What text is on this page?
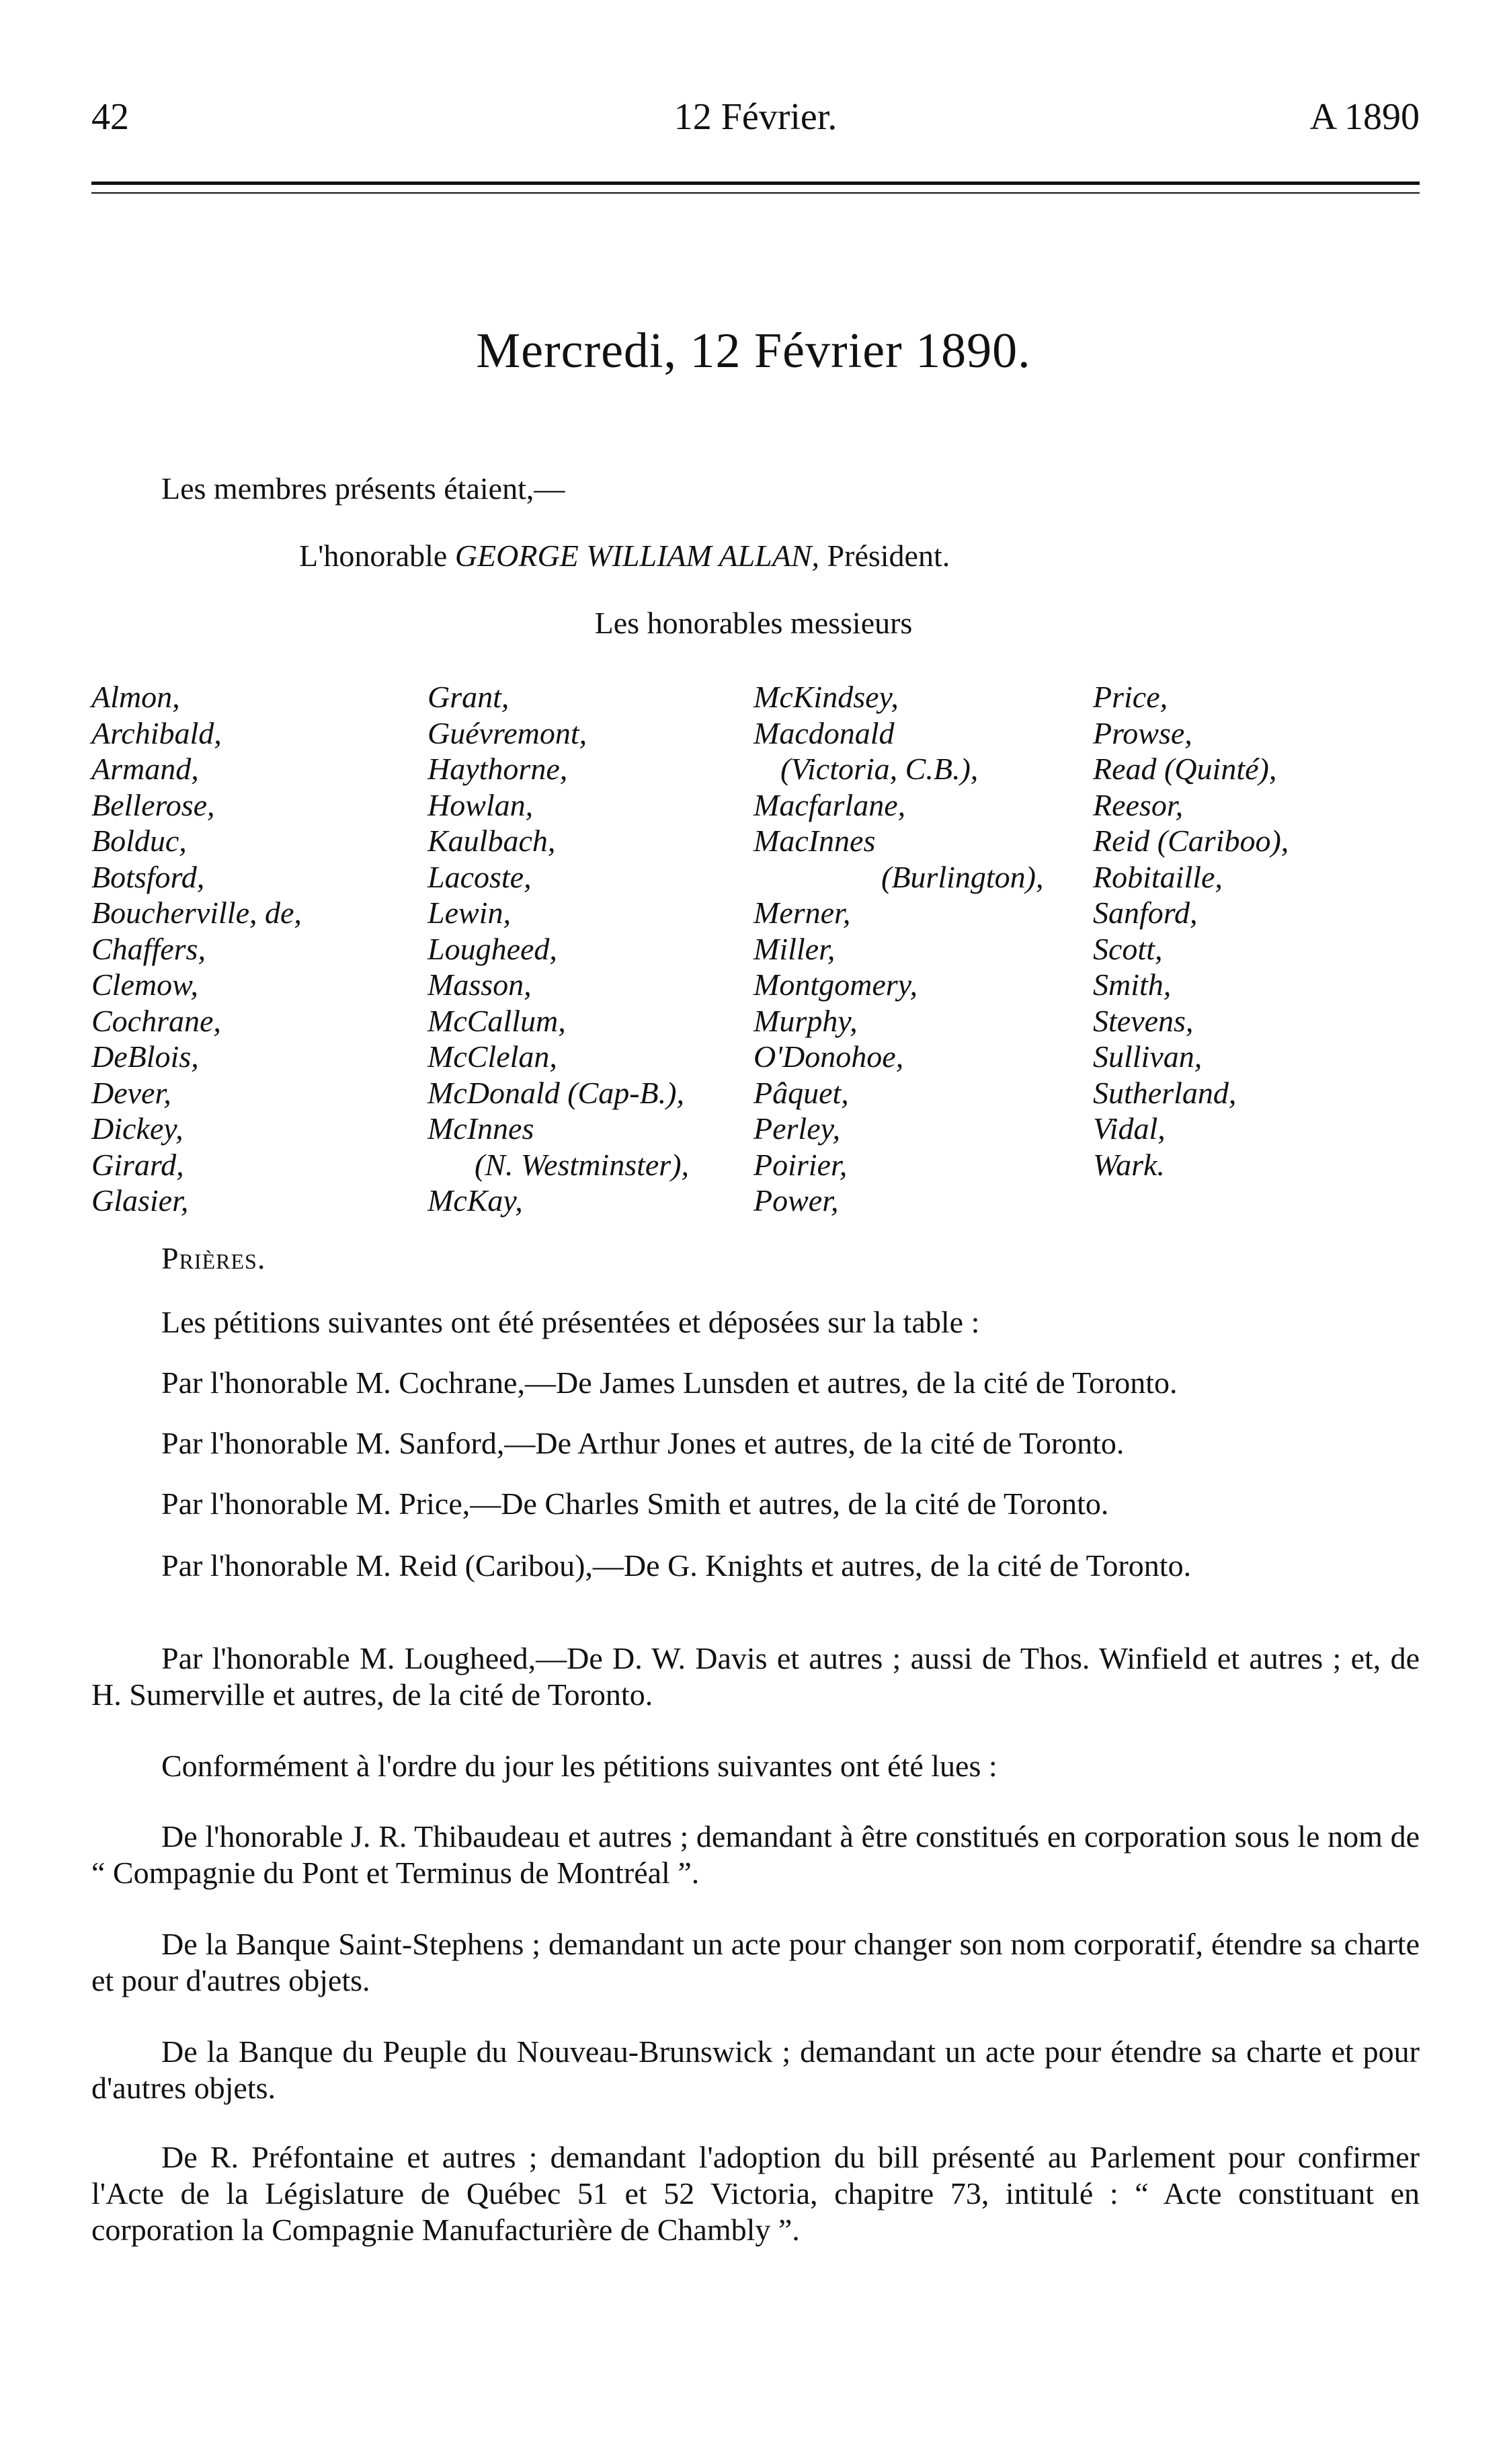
42	12 Février.	A 1890
Mercredi, 12 Février 1890.
Les membres présents étaient,—
L'honorable GEORGE WILLIAM ALLAN, Président.
Les honorables messieurs
Almon,
Archibald,
Armand,
Bellerose,
Bolduc,
Botsford,
Boucherville, de,
Chaffers,
Clemow,
Cochrane,
DeBlois,
Dever,
Dickey,
Girard,
Glasier,
Grant,
Guévremont,
Haythorne,
Howlan,
Kaulbach,
Lacoste,
Lewin,
Lougheed,
Masson,
McCallum,
McClelan,
McDonald (Cap-B.),
McInnes
(N. Westminster),
McKay,
McKindsey,
Macdonald
(Victoria, C.B.),
Macfarlane,
MacInnes
(Burlington),
Merner,
Miller,
Montgomery,
Murphy,
O'Donohoe,
Pâquet,
Perley,
Poirier,
Power,
Price,
Prowse,
Read (Quinté),
Reesor,
Reid (Cariboo),
Robitaille,
Sanford,
Scott,
Smith,
Stevens,
Sullivan,
Sutherland,
Vidal,
Wark.
Prières.
Les pétitions suivantes ont été présentées et déposées sur la table :
Par l'honorable M. Cochrane,—De James Lunsden et autres, de la cité de Toronto.
Par l'honorable M. Sanford,—De Arthur Jones et autres, de la cité de Toronto.
Par l'honorable M. Price,—De Charles Smith et autres, de la cité de Toronto.
Par l'honorable M. Reid (Caribou),—De G. Knights et autres, de la cité de Toronto.
Par l'honorable M. Lougheed,—De D. W. Davis et autres ; aussi de Thos. Winfield et autres ; et, de H. Sumerville et autres, de la cité de Toronto.
Conformément à l'ordre du jour les pétitions suivantes ont été lues :
De l'honorable J. R. Thibaudeau et autres ; demandant à être constitués en corporation sous le nom de “ Compagnie du Pont et Terminus de Montréal ”.
De la Banque Saint-Stephens ; demandant un acte pour changer son nom corporatif, étendre sa charte et pour d'autres objets.
De la Banque du Peuple du Nouveau-Brunswick ; demandant un acte pour étendre sa charte et pour d'autres objets.
De R. Préfontaine et autres ; demandant l'adoption du bill présenté au Parlement pour confirmer l'Acte de la Législature de Québec 51 et 52 Victoria, chapitre 73, intitulé : “ Acte constituant en corporation la Compagnie Manufacturière de Chambly ”.
